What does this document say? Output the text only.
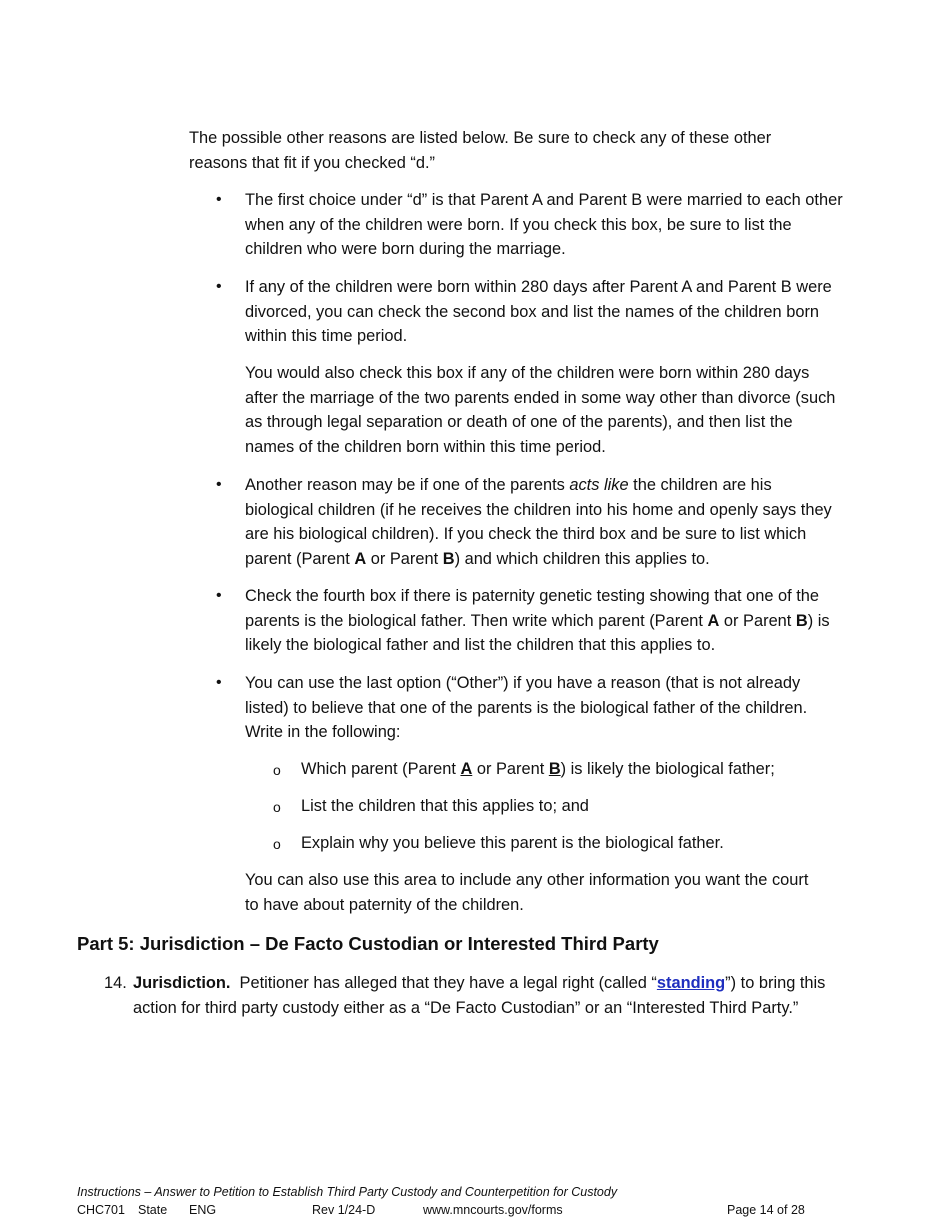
The possible other reasons are listed below. Be sure to check any of these other reasons that fit if you checked “d.”

• The first choice under “d” is that Parent A and Parent B were married to each other when any of the children were born. If you check this box, be sure to list the children who were born during the marriage.

• If any of the children were born within 280 days after Parent A and Parent B were divorced, you can check the second box and list the names of the children born within this time period.

You would also check this box if any of the children were born within 280 days after the marriage of the two parents ended in some way other than divorce (such as through legal separation or death of one of the parents), and then list the names of the children born within this time period.

• Another reason may be if one of the parents acts like the children are his biological children (if he receives the children into his home and openly says they are his biological children). If you check the third box and be sure to list which parent (Parent A or Parent B) and which children this applies to.

• Check the fourth box if there is paternity genetic testing showing that one of the parents is the biological father. Then write which parent (Parent A or Parent B) is likely the biological father and list the children that this applies to.

• You can use the last option (“Other”) if you have a reason (that is not already listed) to believe that one of the parents is the biological father of the children. Write in the following:

o Which parent (Parent A or Parent B) is likely the biological father;

o List the children that this applies to; and

o Explain why you believe this parent is the biological father.

You can also use this area to include any other information you want the court to have about paternity of the children.

Part 5: Jurisdiction – De Facto Custodian or Interested Third Party
14. Jurisdiction.  Petitioner has alleged that they have a legal right (called “standing”) to bring this action for third party custody either as a “De Facto Custodian” or an “Interested Third Party.”

Instructions – Answer to Petition to Establish Third Party Custody and Counterpetition for Custody
CHC701 State ENG	Rev 1/24-D	www.mncourts.gov/forms	Page 14 of 28
